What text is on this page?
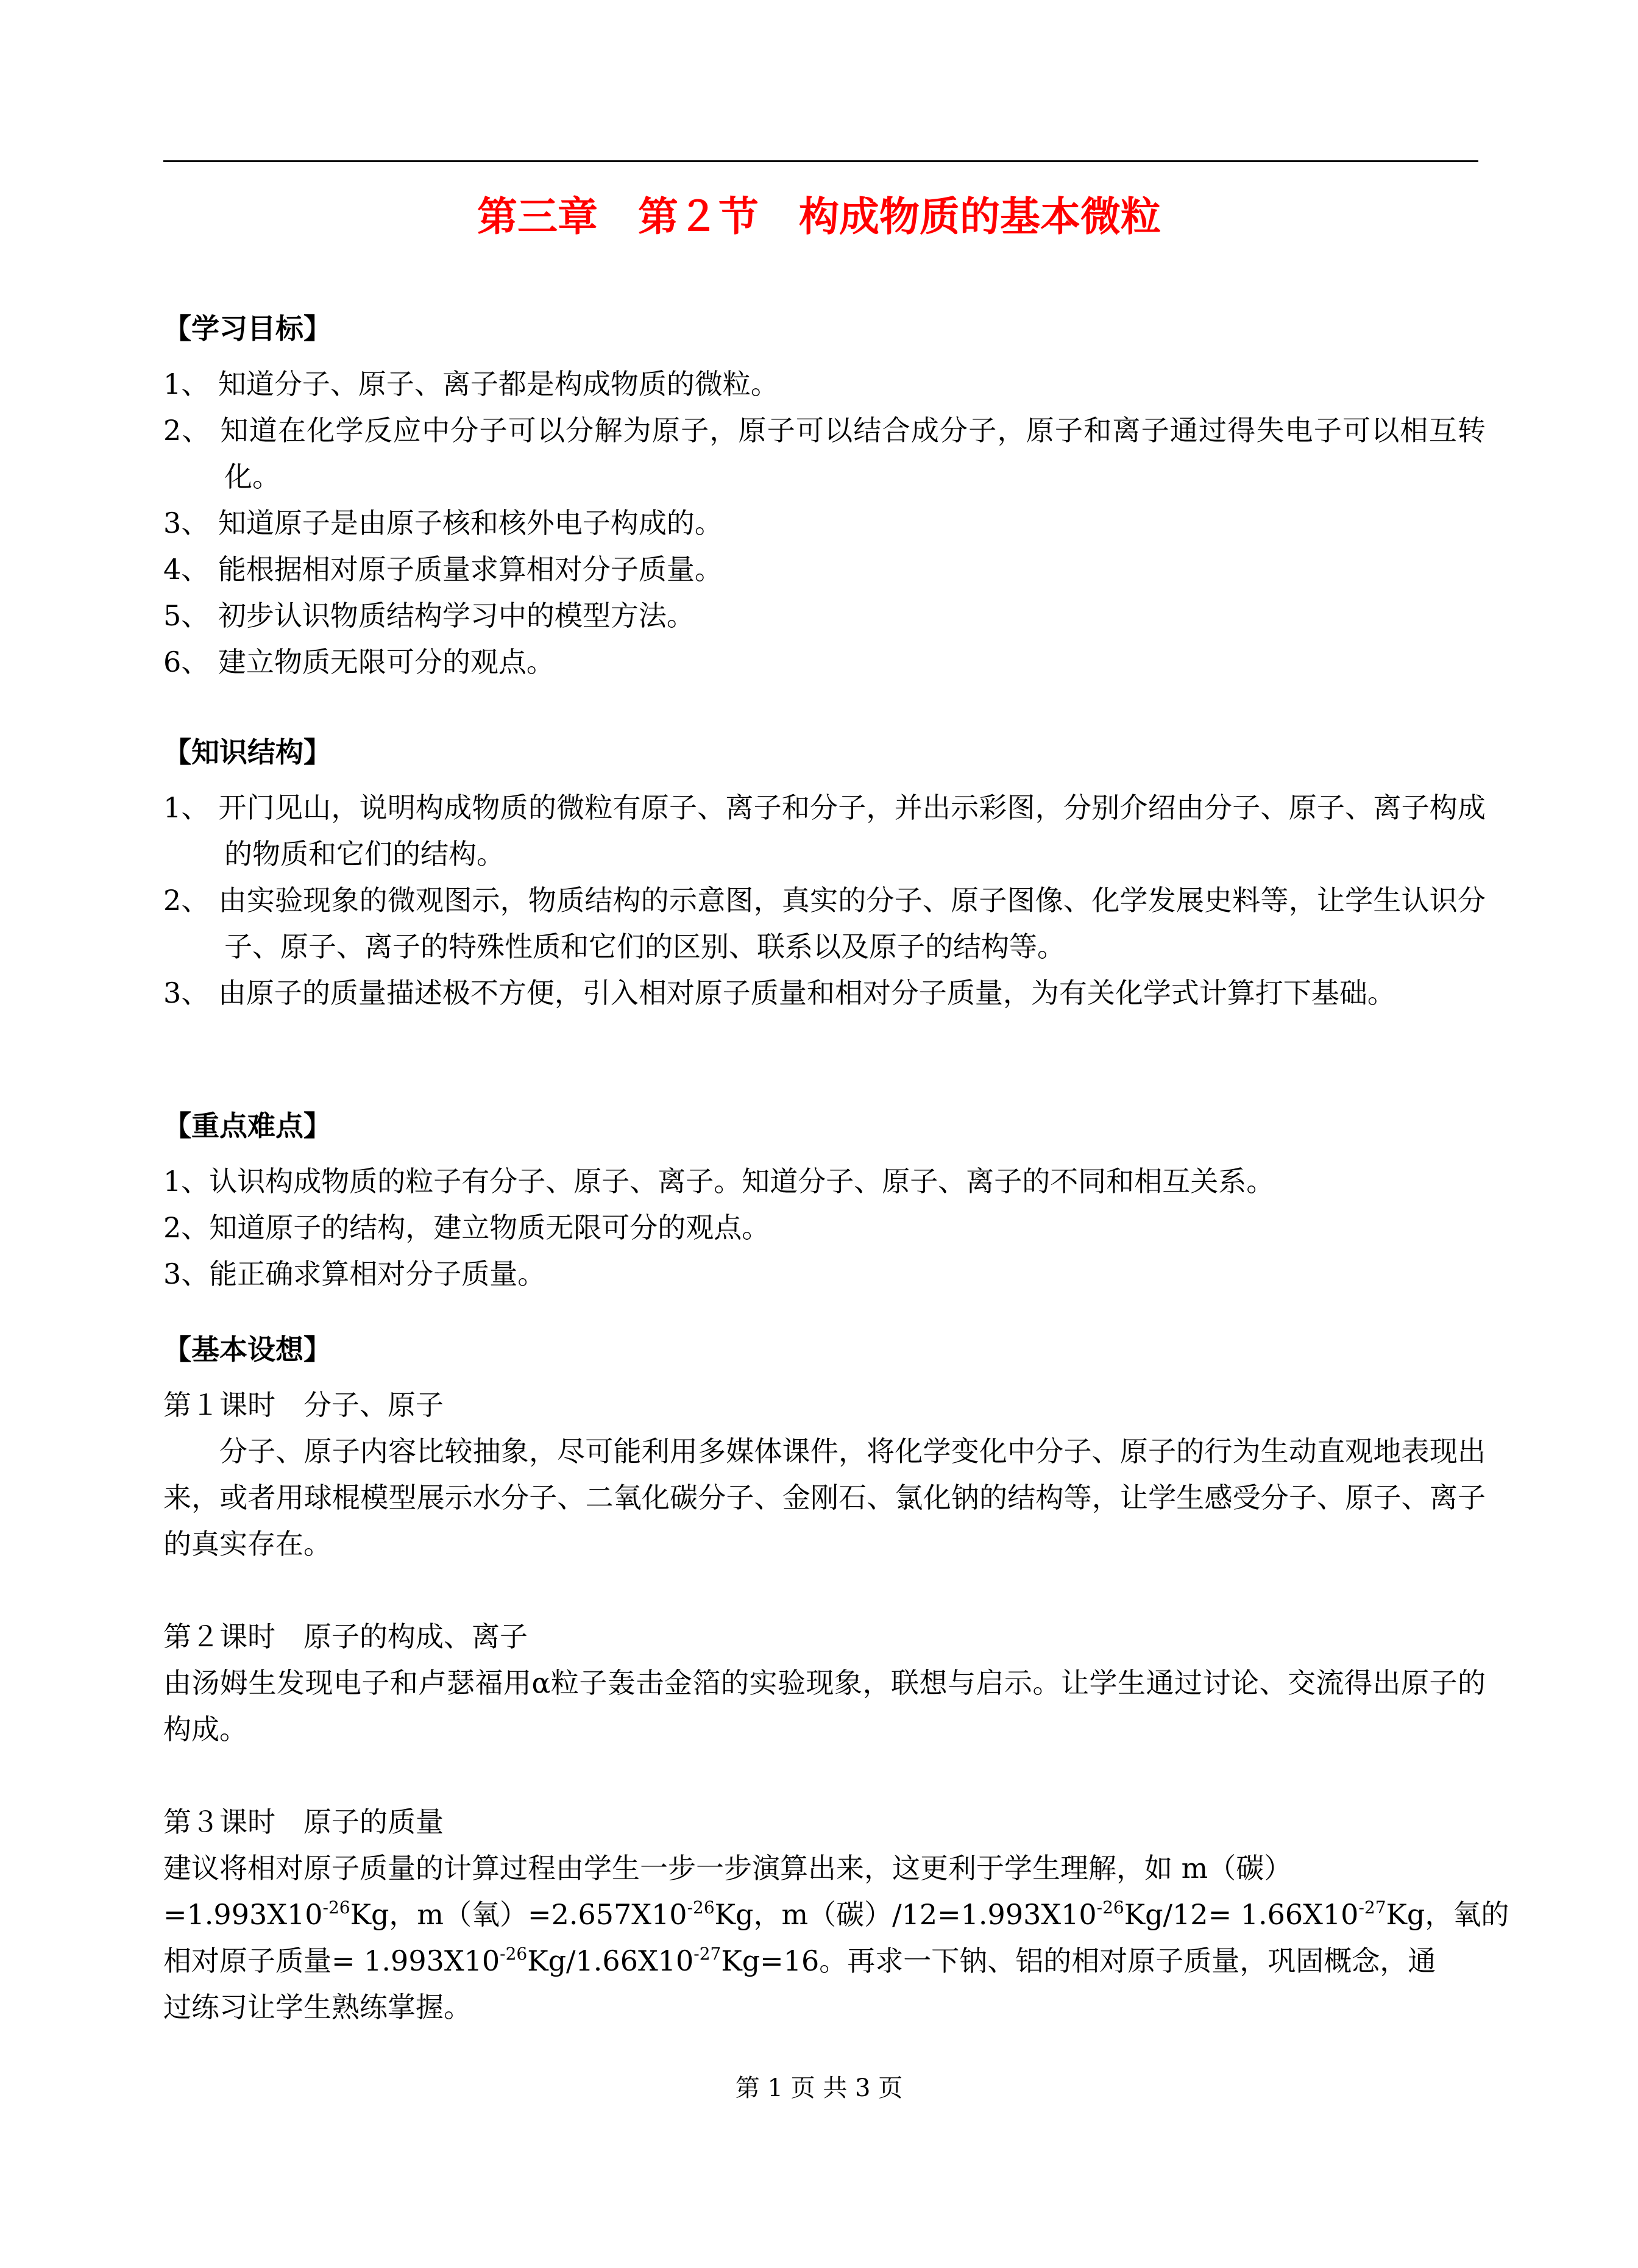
第三章　第２节　构成物质的基本微粒
【学习目标】
1、 知道分子、原子、离子都是构成物质的微粒。
2、 知道在化学反应中分子可以分解为原子，原子可以结合成分子，原子和离子通过得失电子可以相互转化。
3、 知道原子是由原子核和核外电子构成的。
4、 能根据相对原子质量求算相对分子质量。
5、 初步认识物质结构学习中的模型方法。
6、 建立物质无限可分的观点。
【知识结构】
1、 开门见山，说明构成物质的微粒有原子、离子和分子，并出示彩图，分别介绍由分子、原子、离子构成的物质和它们的结构。
2、 由实验现象的微观图示，物质结构的示意图，真实的分子、原子图像、化学发展史料等，让学生认识分子、原子、离子的特殊性质和它们的区别、联系以及原子的结构等。
3、 由原子的质量描述极不方便，引入相对原子质量和相对分子质量，为有关化学式计算打下基础。
【重点难点】
1、认识构成物质的粒子有分子、原子、离子。知道分子、原子、离子的不同和相互关系。
2、知道原子的结构，建立物质无限可分的观点。
3、能正确求算相对分子质量。
【基本设想】
第１课时　分子、原子
分子、原子内容比较抽象，尽可能利用多媒体课件，将化学变化中分子、原子的行为生动直观地表现出来，或者用球棍模型展示水分子、二氧化碳分子、金刚石、氯化钠的结构等，让学生感受分子、原子、离子的真实存在。
第２课时　原子的构成、离子
由汤姆生发现电子和卢瑟福用α粒子轰击金箔的实验现象，联想与启示。让学生通过讨论、交流得出原子的构成。
第３课时　原子的质量
建议将相对原子质量的计算过程由学生一步一步演算出来，这更利于学生理解，如 m（碳）
$=1.993X10^{-26}Kg$，m（氧）$=2.657X10^{-26}Kg$，m（碳）$/12=1.993X10^{-26}Kg/12= 1.66X10^{-27}Kg$，氧的
相对原子质量= $1.993X10^{-26}Kg/1.66X10^{-27}Kg=16$。再求一下钠、铝的相对原子质量，巩固概念，通
过练习让学生熟练掌握。
第 1 页 共 3 页
